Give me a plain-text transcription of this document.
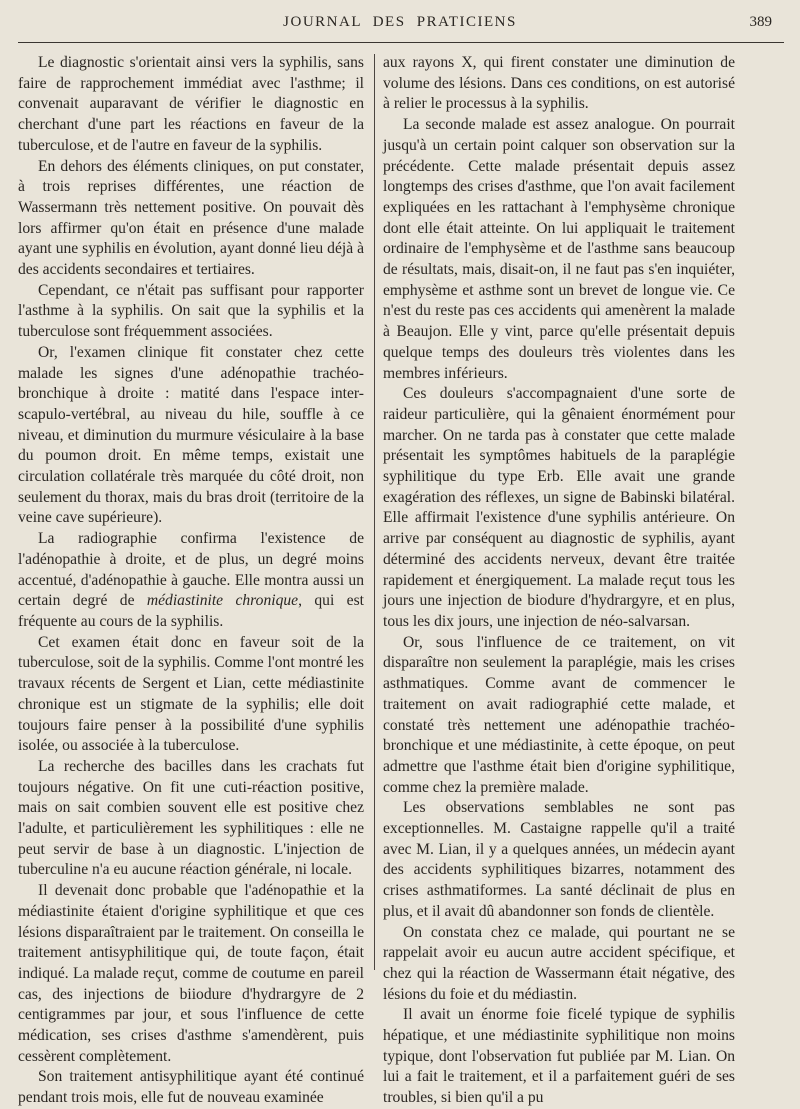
JOURNAL DES PRATICIENS	389

Le diagnostic s'orientait ainsi vers la syphilis, sans faire de rapprochement immédiat avec l'asthme; il convenait auparavant de vérifier le diagnostic en cherchant d'une part les réactions en faveur de la tuberculose, et de l'autre en faveur de la syphilis.

En dehors des éléments cliniques, on put constater, à trois reprises différentes, une réaction de Wassermann très nettement positive. On pouvait dès lors affirmer qu'on était en présence d'une malade ayant une syphilis en évolution, ayant donné lieu déjà à des accidents secondaires et tertiaires.

Cependant, ce n'était pas suffisant pour rapporter l'asthme à la syphilis. On sait que la syphilis et la tuberculose sont fréquemment associées.

Or, l'examen clinique fit constater chez cette malade les signes d'une adénopathie trachéo-bronchique à droite : matité dans l'espace inter-scapulo-vertébral, au niveau du hile, souffle à ce niveau, et diminution du murmure vésiculaire à la base du poumon droit. En même temps, existait une circulation collatérale très marquée du côté droit, non seulement du thorax, mais du bras droit (territoire de la veine cave supérieure).

La radiographie confirma l'existence de l'adénopathie à droite, et de plus, un degré moins accentué, d'adénopathie à gauche. Elle montra aussi un certain degré de médiastinite chronique, qui est fréquente au cours de la syphilis.

Cet examen était donc en faveur soit de la tuberculose, soit de la syphilis. Comme l'ont montré les travaux récents de Sergent et Lian, cette médiastinite chronique est un stigmate de la syphilis; elle doit toujours faire penser à la possibilité d'une syphilis isolée, ou associée à la tuberculose.

La recherche des bacilles dans les crachats fut toujours négative. On fit une cuti-réaction positive, mais on sait combien souvent elle est positive chez l'adulte, et particulièrement les syphilitiques : elle ne peut servir de base à un diagnostic. L'injection de tuberculine n'a eu aucune réaction générale, ni locale.

Il devenait donc probable que l'adénopathie et la médiastinite étaient d'origine syphilitique et que ces lésions disparaîtraient par le traitement. On conseilla le traitement antisyphilitique qui, de toute façon, était indiqué. La malade reçut, comme de coutume en pareil cas, des injections de biiodure d'hydrargyre de 2 centigrammes par jour, et sous l'influence de cette médication, ses crises d'asthme s'amendèrent, puis cessèrent complètement.

Son traitement antisyphilitique ayant été continué pendant trois mois, elle fut de nouveau examinée

aux rayons X, qui firent constater une diminution de volume des lésions. Dans ces conditions, on est autorisé à relier le processus à la syphilis.

La seconde malade est assez analogue. On pourrait jusqu'à un certain point calquer son observation sur la précédente. Cette malade présentait depuis assez longtemps des crises d'asthme, que l'on avait facilement expliquées en les rattachant à l'emphysème chronique dont elle était atteinte. On lui appliquait le traitement ordinaire de l'emphysème et de l'asthme sans beaucoup de résultats, mais, disait-on, il ne faut pas s'en inquiéter, emphysème et asthme sont un brevet de longue vie. Ce n'est du reste pas ces accidents qui amenèrent la malade à Beaujon. Elle y vint, parce qu'elle présentait depuis quelque temps des douleurs très violentes dans les membres inférieurs.

Ces douleurs s'accompagnaient d'une sorte de raideur particulière, qui la gênaient énormément pour marcher. On ne tarda pas à constater que cette malade présentait les symptômes habituels de la paraplégie syphilitique du type Erb. Elle avait une grande exagération des réflexes, un signe de Babinski bilatéral. Elle affirmait l'existence d'une syphilis antérieure. On arrive par conséquent au diagnostic de syphilis, ayant déterminé des accidents nerveux, devant être traitée rapidement et énergiquement. La malade reçut tous les jours une injection de biodure d'hydrargyre, et en plus, tous les dix jours, une injection de néo-salvarsan.

Or, sous l'influence de ce traitement, on vit disparaître non seulement la paraplégie, mais les crises asthmatiques. Comme avant de commencer le traitement on avait radiographié cette malade, et constaté très nettement une adénopathie trachéo-bronchique et une médiastinite, à cette époque, on peut admettre que l'asthme était bien d'origine syphilitique, comme chez la première malade.

Les observations semblables ne sont pas exceptionnelles. M. Castaigne rappelle qu'il a traité avec M. Lian, il y a quelques années, un médecin ayant des accidents syphilitiques bizarres, notamment des crises asthmatiformes. La santé déclinait de plus en plus, et il avait dû abandonner son fonds de clientèle.

On constata chez ce malade, qui pourtant ne se rappelait avoir eu aucun autre accident spécifique, et chez qui la réaction de Wassermann était négative, des lésions du foie et du médiastin.

Il avait un énorme foie ficelé typique de syphilis hépatique, et une médiastinite syphilitique non moins typique, dont l'observation fut publiée par M. Lian. On lui a fait le traitement, et il a parfaitement guéri de ses troubles, si bien qu'il a pu
